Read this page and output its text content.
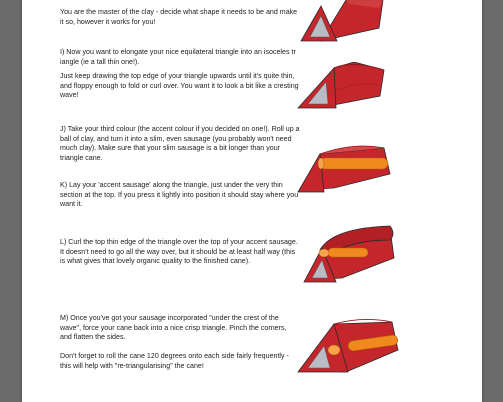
You are the master of the clay - decide what shape it needs to be and make it so, however it works for you!

I) Now you want to elongate your nice equilateral triangle into an isoceles tr iangle (ie a tall thin one!).

Just keep drawing the top edge of your triangle upwards until it's quite thin, and floppy enough to fold or curl over. You want it to look a bit like a cresting wave!

J) Take your third colour (the accent colour if you decided on one!). Roll up a ball of clay, and turn it into a slim, even sausage (you probably won't need much clay). Make sure that your slim sausage is a bit longer than your triangle cane.

K) Lay your 'accent sausage' along the triangle, just under the very thin section at the top. If you press it lightly into position it should stay where you want it.

L) Curl the top thin edge of the triangle over the top of your accent sausage. It doesn't need to go all the way over, but it should be at least half way (this is what gives that lovely organic quality to the finished cane).

M) Once you've got your sausage incorporated "under the crest of the wave", force your cane back into a nice crisp triangle. Pinch the corners, and flatten the sides.

Don't forget to roll the cane 120 degrees onto each side fairly frequently - this will help with "re-triangularising" the cane!
